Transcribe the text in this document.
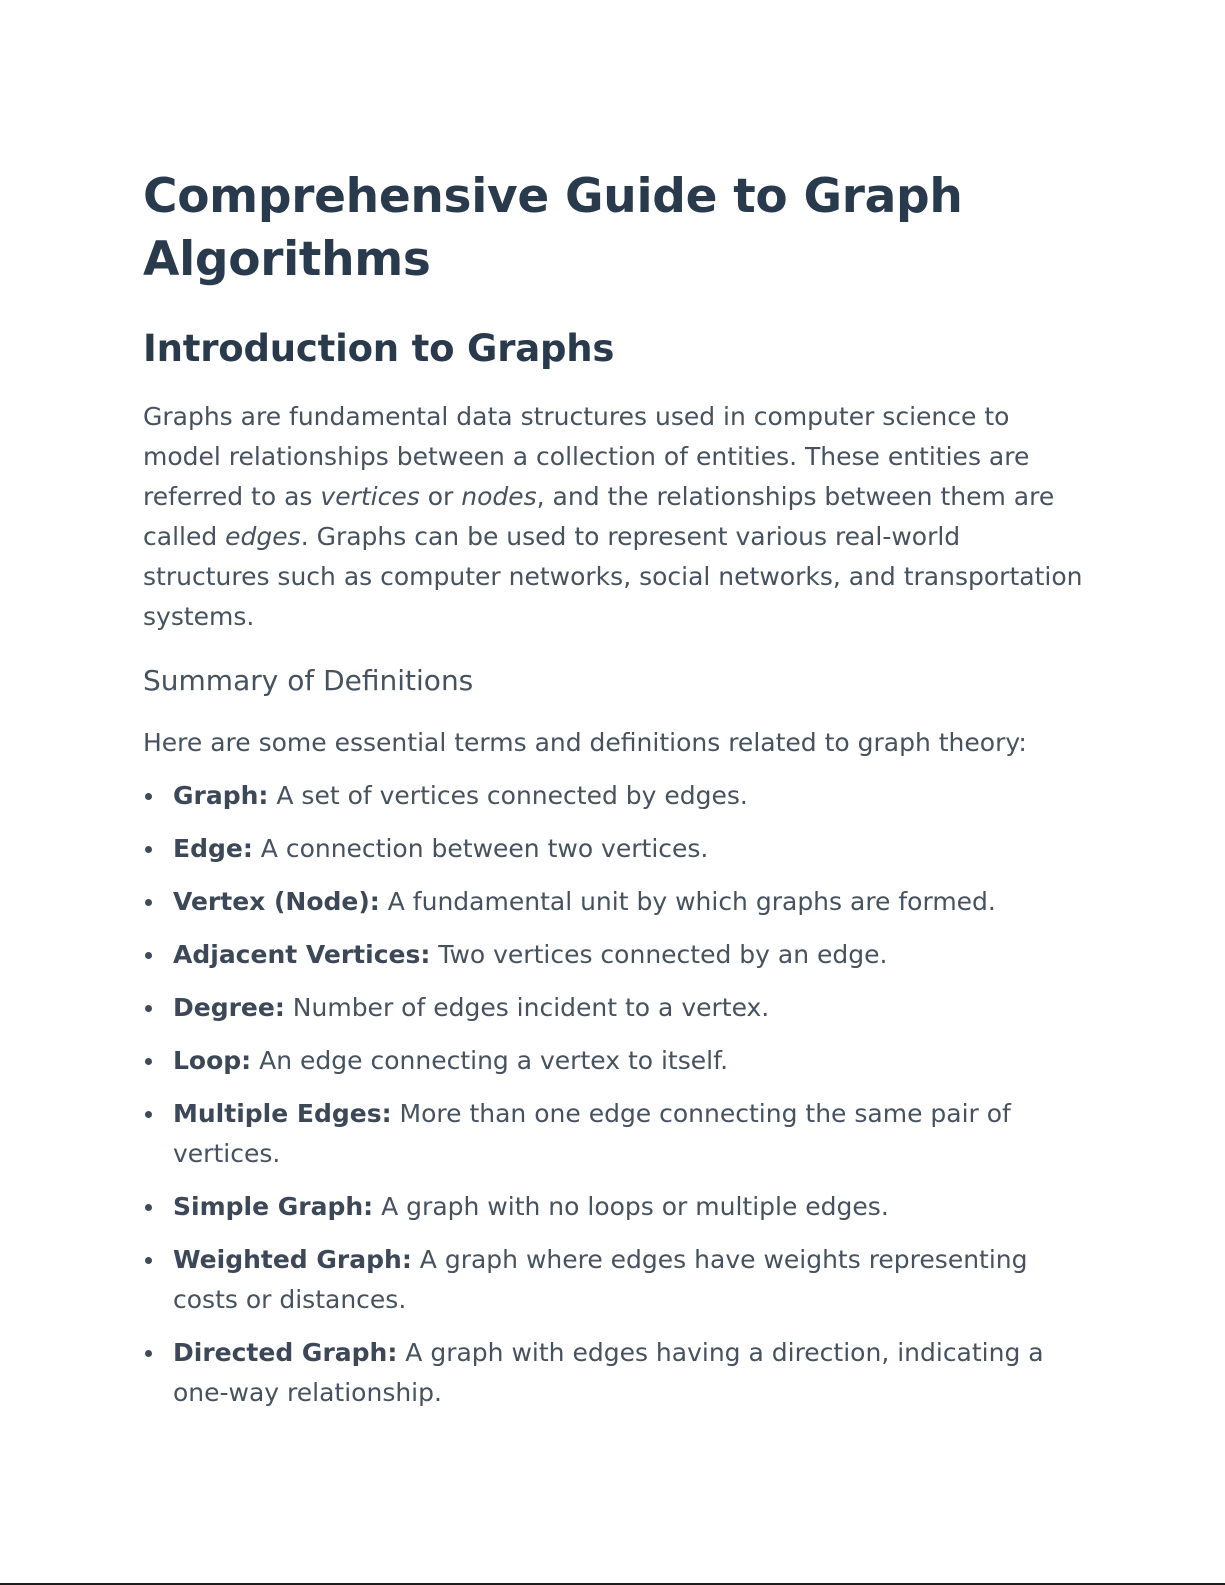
Comprehensive Guide to Graph Algorithms
Introduction to Graphs

Graphs are fundamental data structures used in computer science to model relationships between a collection of entities. These entities are referred to as vertices or nodes, and the relationships between them are called edges. Graphs can be used to represent various real-world structures such as computer networks, social networks, and transportation systems.

Summary of Definitions

Here are some essential terms and definitions related to graph theory:

Graph: A set of vertices connected by edges.
Edge: A connection between two vertices.
Vertex (Node): A fundamental unit by which graphs are formed.
Adjacent Vertices: Two vertices connected by an edge.
Degree: Number of edges incident to a vertex.
Loop: An edge connecting a vertex to itself.
Multiple Edges: More than one edge connecting the same pair of vertices.
Simple Graph: A graph with no loops or multiple edges.
Weighted Graph: A graph where edges have weights representing costs or distances.
Directed Graph: A graph with edges having a direction, indicating a one-way relationship.
